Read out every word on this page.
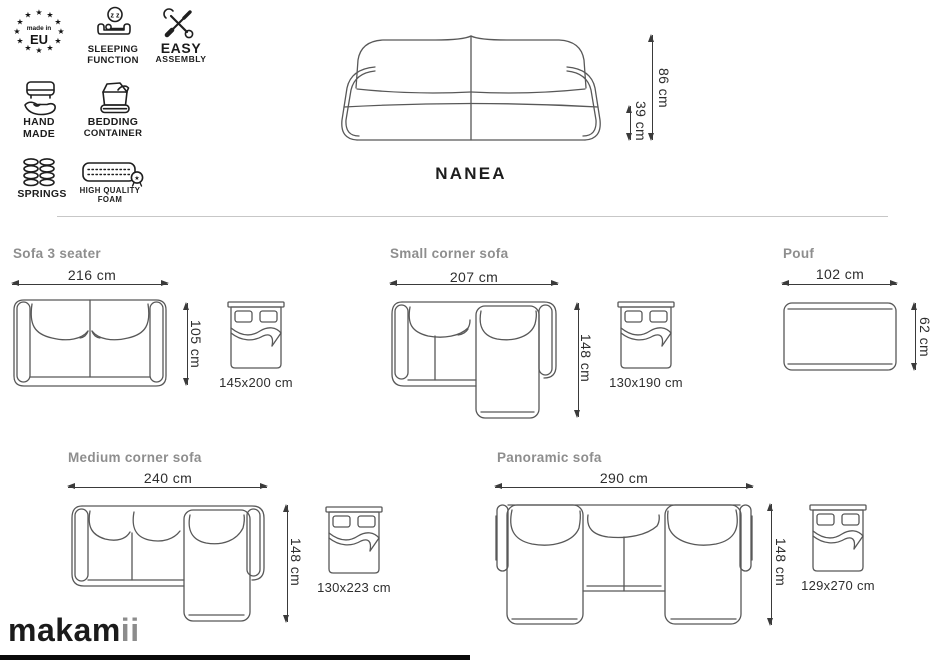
★ ★
★
★
★
★
★
★
★
★
★
★
made in
EU
z z
SLEEPING
FUNCTION
EASY
ASSEMBLY
HAND
MADE
BEDDING
CONTAINER
SPRINGS
★
HIGH QUALITY
FOAM
86 cm
39 cm
NANEA
Sofa 3 seater
216 cm
105 cm
145x200 cm
Small corner sofa
207 cm
148 cm
130x190 cm
Pouf
102 cm
62 cm
Medium corner sofa
240 cm
148 cm
130x223 cm
Panoramic sofa
290 cm
148 cm 129x270 cm
makamii
